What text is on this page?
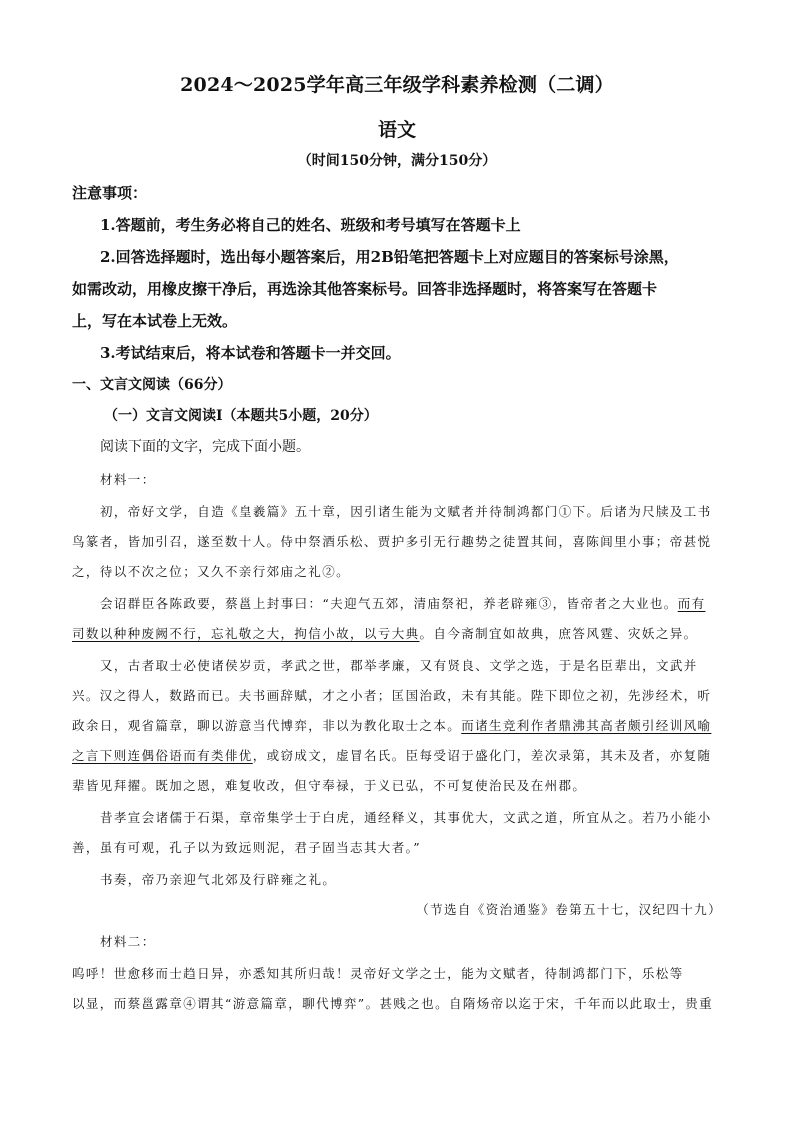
2024～2025学年高三年级学科素养检测（二调）
语文
（时间150分钟，满分150分）
注意事项：
1.答题前，考生务必将自己的姓名、班级和考号填写在答题卡上
2.回答选择题时，选出每小题答案后，用2B铅笔把答题卡上对应题目的答案标号涂黑，
如需改动，用橡皮擦干净后，再选涂其他答案标号。回答非选择题时，将答案写在答题卡
上，写在本试卷上无效。
3.考试结束后，将本试卷和答题卡一并交回。
一、文言文阅读（66分）
（一）文言文阅读Ⅰ（本题共5小题，20分）
阅读下面的文字，完成下面小题。
材料一：
初，帝好文学，自造《皇羲篇》五十章，因引诸生能为文赋者并待制鸿都门①下。后诸为尺牍及工书
鸟篆者，皆加引召，遂至数十人。侍中祭酒乐松、贾护多引无行趣势之徒置其间，喜陈闾里小事；帝甚悦
之，待以不次之位；又久不亲行郊庙之礼②。
会诏群臣各陈政要，蔡邕上封事曰：“夫迎气五郊，清庙祭祀，养老辟雍③，皆帝者之大业也。而有
司数以种种废阙不行，忘礼敬之大，拘信小故，以亏大典。自今斋制宜如故典，庶答风霆、灾妖之异。
又，古者取士必使诸侯岁贡，孝武之世，郡举孝廉，又有贤良、文学之选，于是名臣辈出，文武并
兴。汉之得人，数路而已。夫书画辞赋，才之小者；匡国治政，未有其能。陛下即位之初，先涉经术，听
政余日，观省篇章，聊以游意当代博弈，非以为教化取士之本。而诸生竞利作者鼎沸其高者颇引经训风喻
之言下则连偶俗语而有类俳优，或窃成文，虚冒名氏。臣每受诏于盛化门，差次录第，其未及者，亦复随
辈皆见拜擢。既加之恩，难复收改，但守奉禄，于义已弘，不可复使治民及在州郡。
昔孝宣会诸儒于石渠，章帝集学士于白虎，通经释义，其事优大，文武之道，所宜从之。若乃小能小
善，虽有可观，孔子以为致远则泥，君子固当志其大者。”
书奏，帝乃亲迎气北郊及行辟雍之礼。
（节选自《资治通鉴》卷第五十七，汉纪四十九）
材料二：
呜呼！世愈移而士趋日异，亦悉知其所归哉！灵帝好文学之士，能为文赋者，待制鸿都门下，乐松等
以显，而蔡邕露章④谓其“游意篇章，聊代博弈”。甚贱之也。自隋炀帝以迄于宋，千年而以此取士，贵重
